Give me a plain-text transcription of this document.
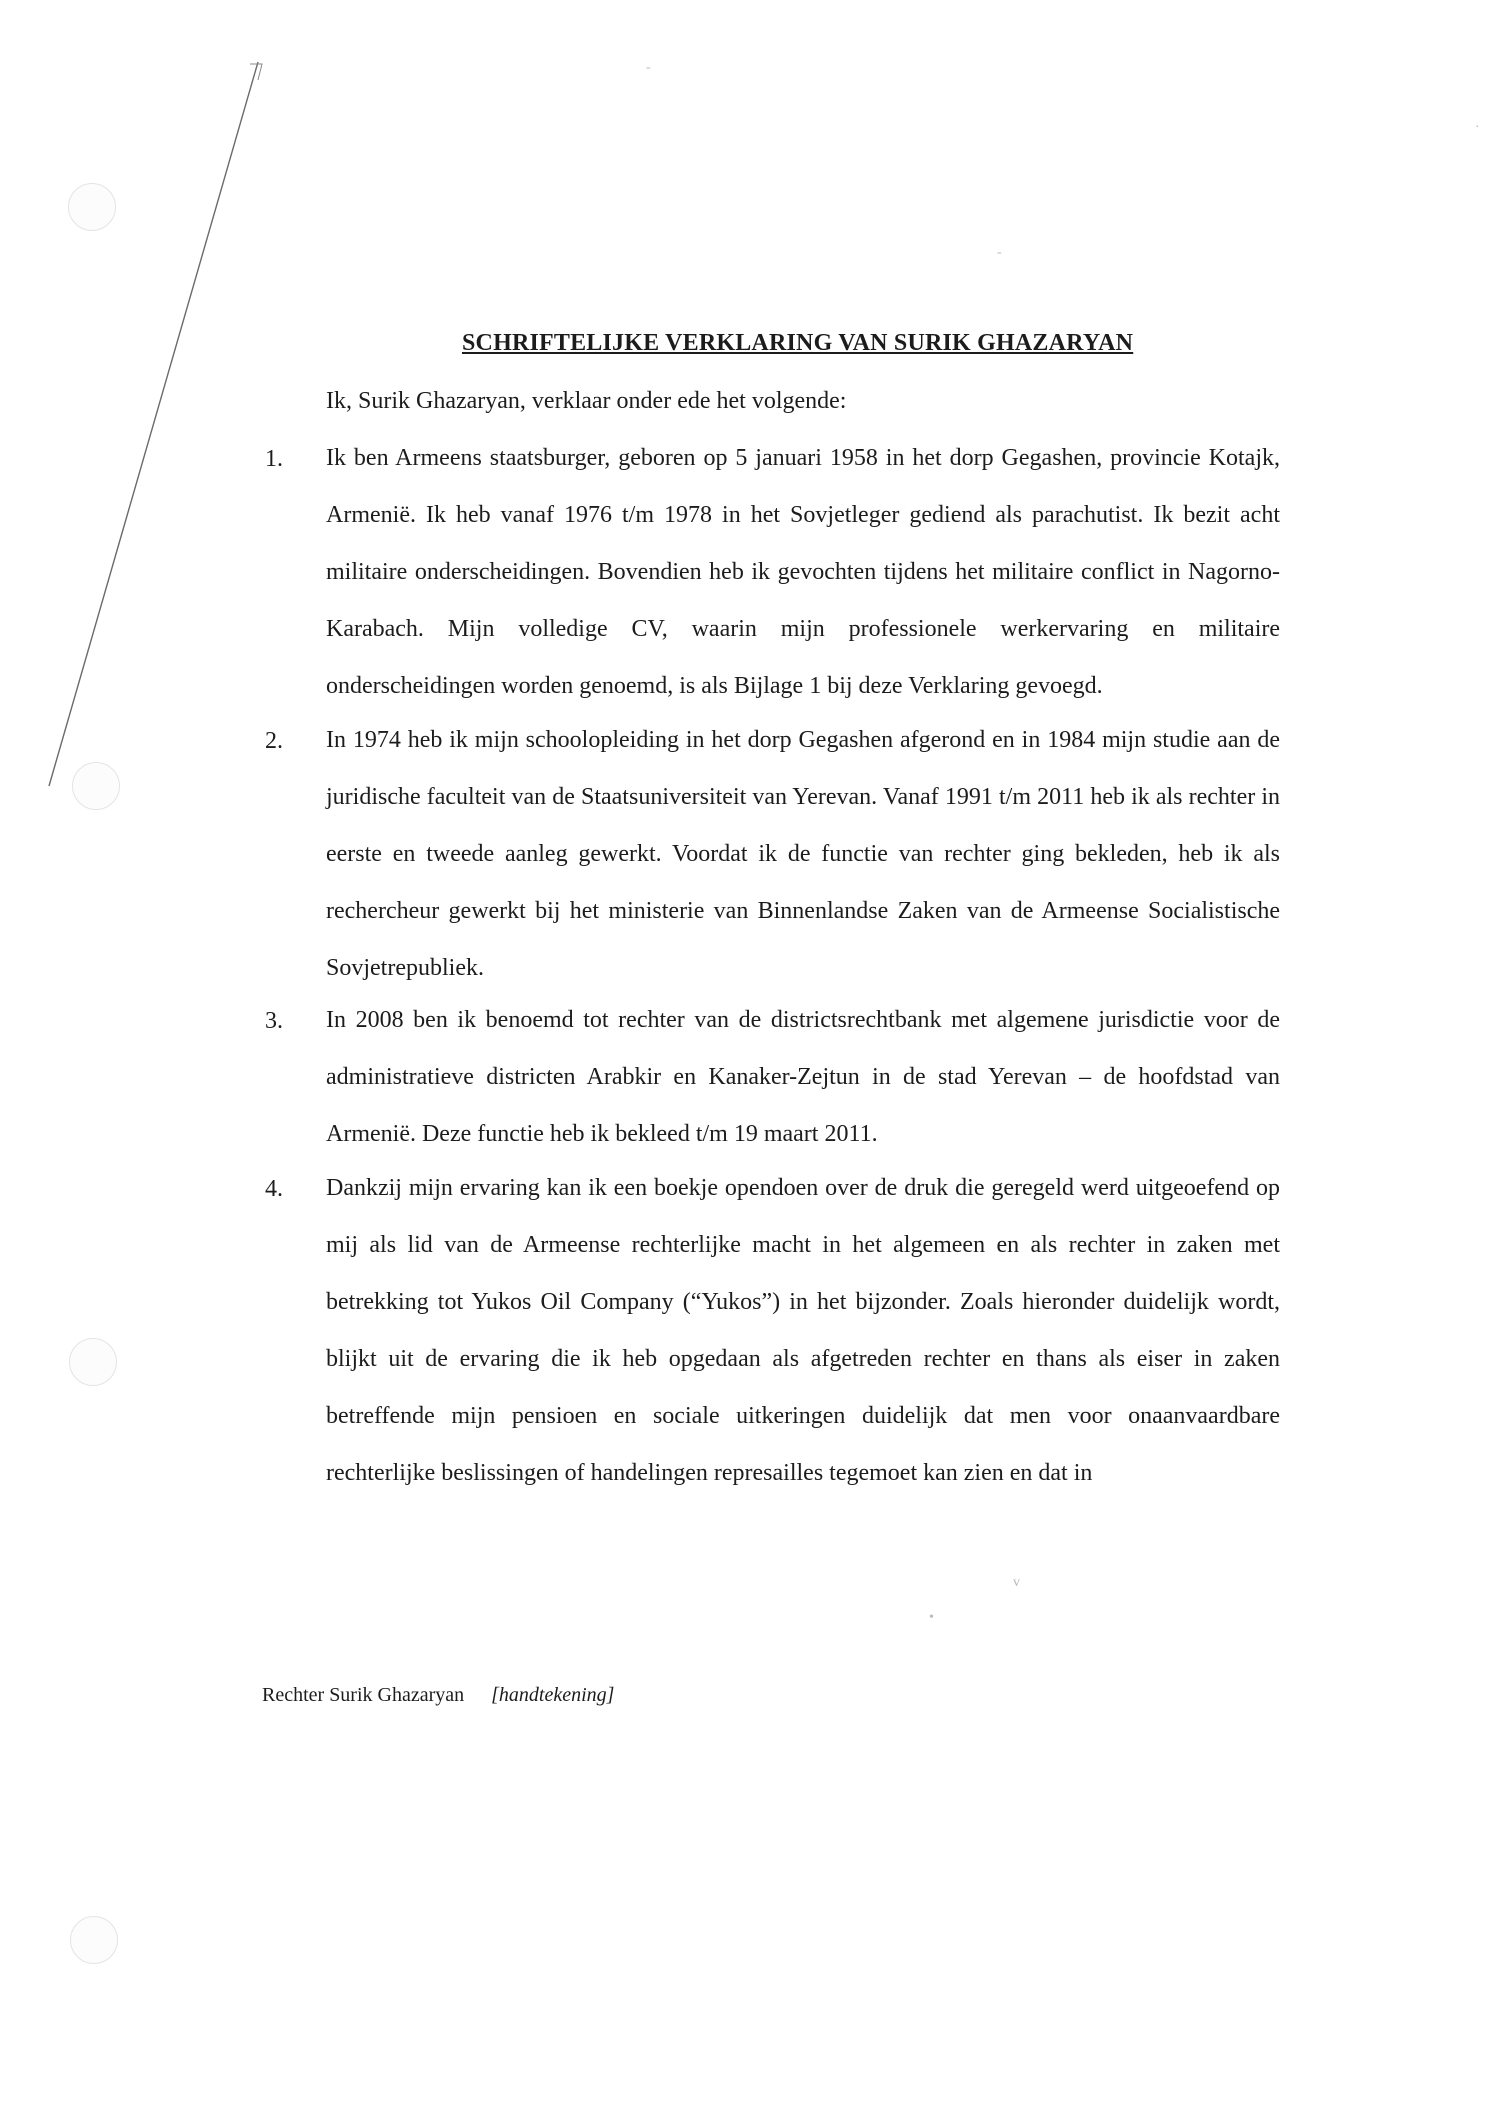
-
-
·
v
•
SCHRIFTELIJKE VERKLARING VAN SURIK GHAZARYAN
Ik, Surik Ghazaryan, verklaar onder ede het volgende:
1. Ik ben Armeens staatsburger, geboren op 5 januari 1958 in het dorp Gegashen, provincie Kotajk, Armenië. Ik heb vanaf 1976 t/m 1978 in het Sovjetleger gediend als parachutist. Ik bezit acht militaire onderscheidingen. Bovendien heb ik gevochten tijdens het militaire conflict in Nagorno-Karabach. Mijn volledige CV, waarin mijn professionele werkervaring en militaire onderscheidingen worden genoemd, is als Bijlage 1 bij deze Verklaring gevoegd.

2. In 1974 heb ik mijn schoolopleiding in het dorp Gegashen afgerond en in 1984 mijn studie aan de juridische faculteit van de Staatsuniversiteit van Yerevan. Vanaf 1991 t/m 2011 heb ik als rechter in eerste en tweede aanleg gewerkt. Voordat ik de functie van rechter ging bekleden, heb ik als rechercheur gewerkt bij het ministerie van Binnenlandse Zaken van de Armeense Socialistische Sovjetrepubliek.

3. In 2008 ben ik benoemd tot rechter van de districtsrechtbank met algemene jurisdictie voor de administratieve districten Arabkir en Kanaker-Zejtun in de stad Yerevan – de hoofdstad van Armenië. Deze functie heb ik bekleed t/m 19 maart 2011.

4. Dankzij mijn ervaring kan ik een boekje opendoen over de druk die geregeld werd uitgeoefend op mij als lid van de Armeense rechterlijke macht in het algemeen en als rechter in zaken met betrekking tot Yukos Oil Company (“Yukos”) in het bijzonder. Zoals hieronder duidelijk wordt, blijkt uit de ervaring die ik heb opgedaan als afgetreden rechter en thans als eiser in zaken betreffende mijn pensioen en sociale uitkeringen duidelijk dat men voor onaanvaardbare rechterlijke beslissingen of handelingen represailles tegemoet kan zien en dat in

Rechter Surik Ghazaryan [handtekening]
